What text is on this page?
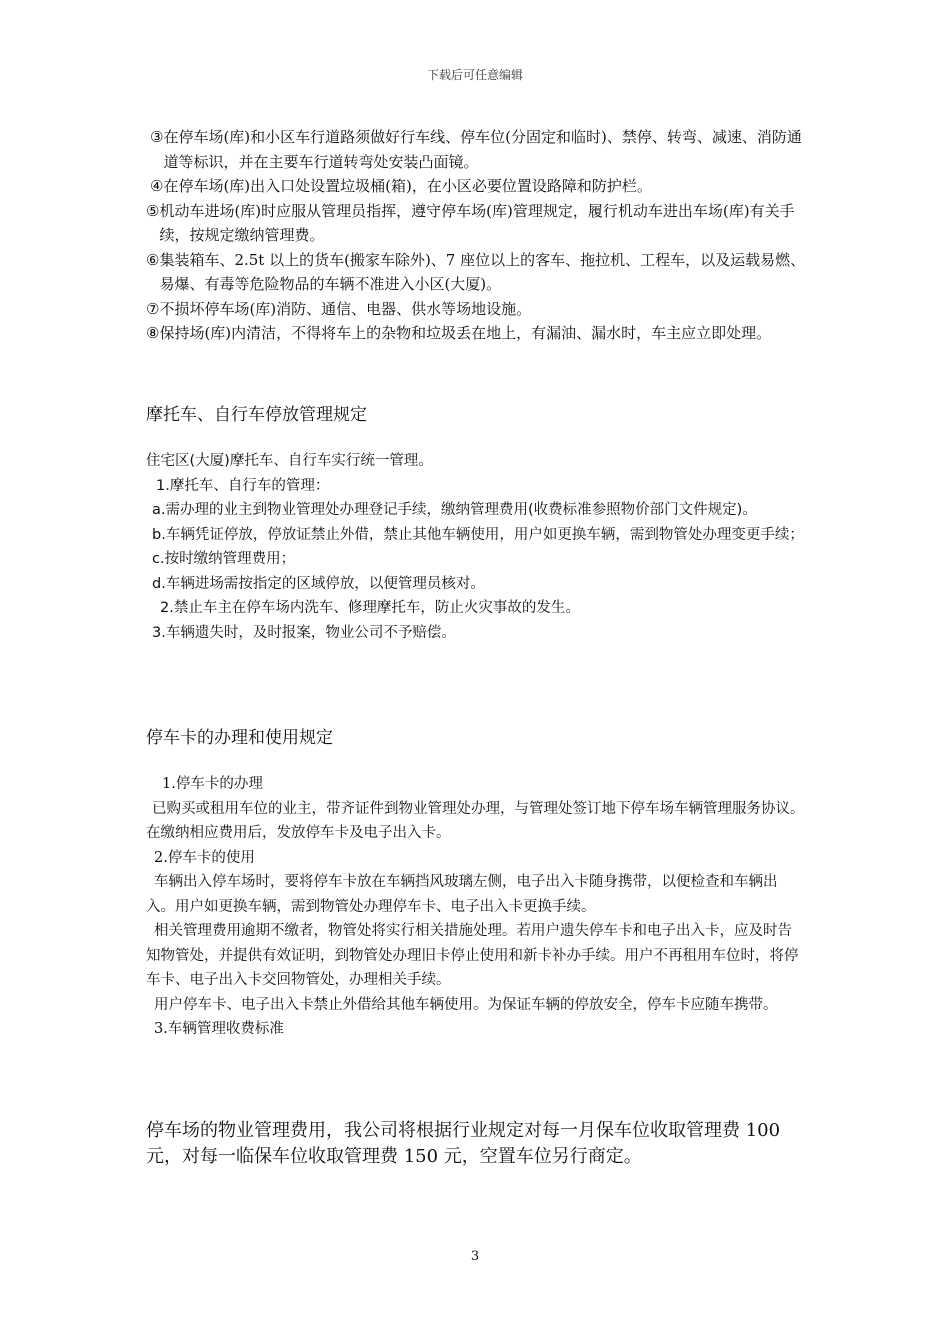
下载后可任意编辑
③ 在停车场(库)和小区车行道路须做好行车线、停车位(分固定和临时)、禁停、转弯、减速、消防通道等标识，并在主要车行道转弯处安装凸面镜。
④ 在停车场(库)出入口处设置垃圾桶(箱)，在小区必要位置设路障和防护栏。
⑤ 机动车进场(库)时应服从管理员指挥，遵守停车场(库)管理规定，履行机动车进出车场(库)有关手续，按规定缴纳管理费。
⑥ 集装箱车、2.5t 以上的货车(搬家车除外)、7 座位以上的客车、拖拉机、工程车，以及运载易燃、易爆、有毒等危险物品的车辆不准进入小区(大厦)。
⑦ 不损坏停车场(库)消防、通信、电器、供水等场地设施。
⑧ 保持场(库)内清洁，不得将车上的杂物和垃圾丢在地上，有漏油、漏水时，车主应立即处理。
摩托车、自行车停放管理规定

住宅区(大厦)摩托车、自行车实行统一管理。

1. 摩托车、自行车的管理：
a. 需办理的业主到物业管理处办理登记手续，缴纳管理费用(收费标准参照物价部门文件规定)。
b. 车辆凭证停放，停放证禁止外借，禁止其他车辆使用，用户如更换车辆，需到物管处办理变更手续；
c. 按时缴纳管理费用；
d. 车辆进场需按指定的区域停放，以便管理员核对。
2. 禁止车主在停车场内洗车、修理摩托车，防止火灾事故的发生。
3. 车辆遗失时，及时报案，物业公司不予赔偿。
停车卡的办理和使用规定

1.停车卡的办理

已购买或租用车位的业主，带齐证件到物业管理处办理，与管理处签订地下停车场车辆管理服务协议。在缴纳相应费用后，发放停车卡及电子出入卡。

2.停车卡的使用

车辆出入停车场时，要将停车卡放在车辆挡风玻璃左侧，电子出入卡随身携带，以便检查和车辆出入。用户如更换车辆，需到物管处办理停车卡、电子出入卡更换手续。

相关管理费用逾期不缴者，物管处将实行相关措施处理。若用户遗失停车卡和电子出入卡，应及时告知物管处，并提供有效证明，到物管处办理旧卡停止使用和新卡补办手续。用户不再租用车位时，将停车卡、电子出入卡交回物管处，办理相关手续。

用户停车卡、电子出入卡禁止外借给其他车辆使用。为保证车辆的停放安全，停车卡应随车携带。

3.车辆管理收费标准

停车场的物业管理费用，我公司将根据行业规定对每一月保车位收取管理费 100 元，对每一临保车位收取管理费 150 元，空置车位另行商定。

3
